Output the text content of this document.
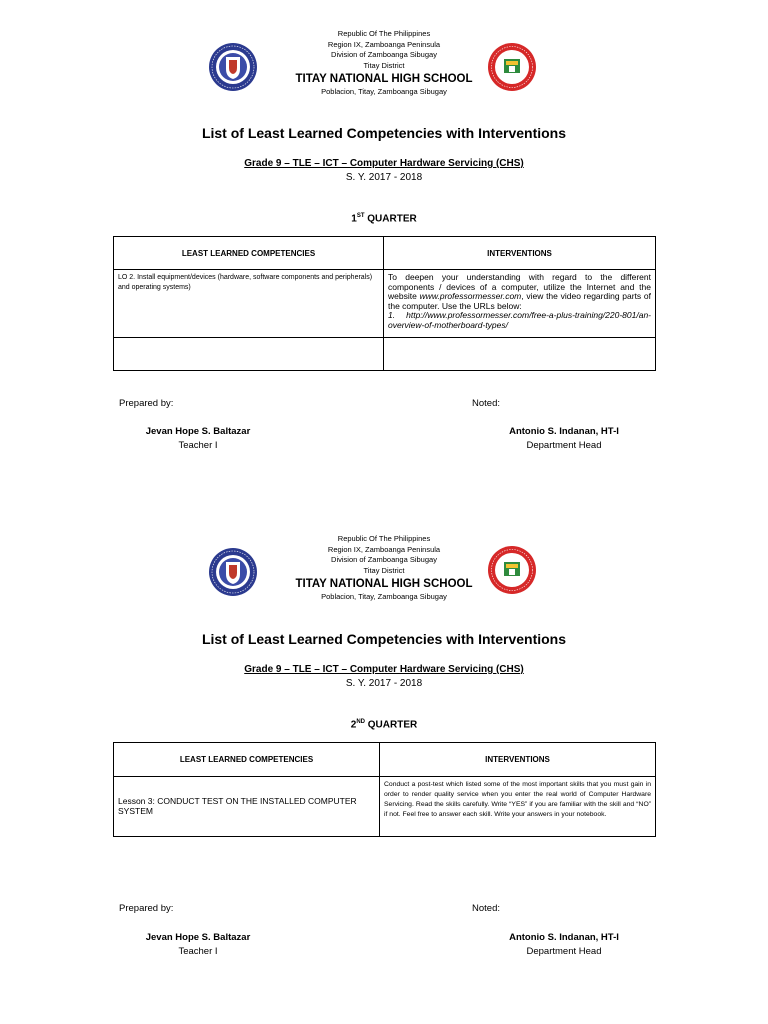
Republic Of The Philippines
Region IX, Zamboanga Peninsula
Division of Zamboanga Sibugay
Titay District
TITAY NATIONAL HIGH SCHOOL
Poblacion, Titay, Zamboanga Sibugay
List of Least Learned Competencies with Interventions
Grade 9 – TLE – ICT – Computer Hardware Servicing (CHS)
S. Y. 2017 - 2018
1ST QUARTER
LEAST LEARNED COMPETENCIES	INTERVENTIONS
LO 2. Install equipment/devices (hardware, software components and peripherals) and operating systems)	To deepen your understanding with regard to the different components / devices of a computer, utilize the Internet and the website www.professormesser.com, view the video regarding parts of the computer. Use the URLs below:
1. http://www.professormesser.com/free-a-plus-training/220-801/an-overview-of-motherboard-types/

Prepared by:	Noted:
Jevan Hope S. Baltazar
Teacher I
Antonio S. Indanan, HT-I
Department Head
Republic Of The Philippines
Region IX, Zamboanga Peninsula
Division of Zamboanga Sibugay
Titay District
TITAY NATIONAL HIGH SCHOOL
Poblacion, Titay, Zamboanga Sibugay
List of Least Learned Competencies with Interventions
Grade 9 – TLE – ICT – Computer Hardware Servicing (CHS)
S. Y. 2017 - 2018
2ND QUARTER
LEAST LEARNED COMPETENCIES	INTERVENTIONS
Lesson 3: CONDUCT TEST ON THE INSTALLED COMPUTER SYSTEM	Conduct a post-test which listed some of the most important skills that you must gain in order to render quality service when you enter the real world of Computer Hardware Servicing. Read the skills carefully. Write “YES” if you are familiar with the skill and “NO” if not. Feel free to answer each skill. Write your answers in your notebook.
Prepared by:	Noted:
Jevan Hope S. Baltazar
Teacher I
Antonio S. Indanan, HT-I
Department Head
